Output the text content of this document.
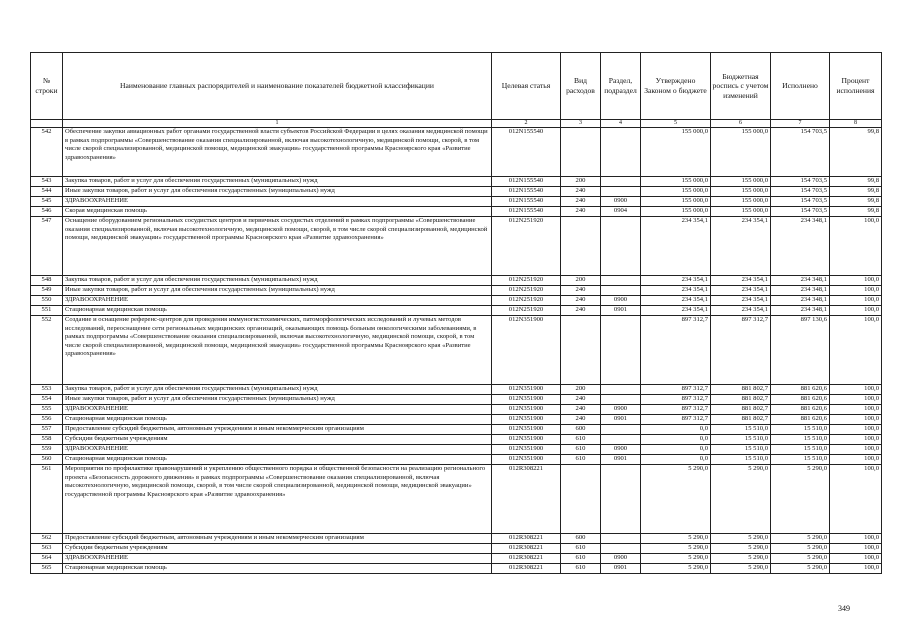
№ строки	Наименование главных распорядителей и наименование показателей бюджетной классификации	Целевая статья	Вид расходов	Раздел, подраздел	Утверждено Законом о бюджете	Бюджетная роспись с учетом изменений	Исполнено	Процент исполнения
	1	2	3	4	5	6	7	8
542	Обеспечение закупки авиационных работ органами государственной власти субъектов Российской Федерации в целях оказания медицинской помощи в рамках подпрограммы «Совершенствование оказания специализированной, включая высокотехнологичную, медицинской помощи, скорой, в том числе скорой специализированной, медицинской помощи, медицинской эвакуации» государственной программы Красноярского края «Развитие здравоохранения»	012N155540			155 000,0	155 000,0	154 703,5	99,8
543	Закупка товаров, работ и услуг для обеспечения государственных (муниципальных) нужд	012N155540	200		155 000,0	155 000,0	154 703,5	99,8
544	Иные закупки товаров, работ и услуг для обеспечения государственных (муниципальных) нужд	012N155540	240		155 000,0	155 000,0	154 703,5	99,8
545	ЗДРАВООХРАНЕНИЕ	012N155540	240	0900	155 000,0	155 000,0	154 703,5	99,8
546	Скорая медицинская помощь	012N155540	240	0904	155 000,0	155 000,0	154 703,5	99,8
547	Оснащение оборудованием региональных сосудистых центров и первичных сосудистых отделений в рамках подпрограммы «Совершенствование оказания специализированной, включая высокотехнологичную, медицинской помощи, скорой, в том числе скорой специализированной, медицинской помощи, медицинской эвакуации» государственной программы Красноярского края «Развитие здравоохранения»	012N251920			234 354,1	234 354,1	234 348,1	100,0
548	Закупка товаров, работ и услуг для обеспечения государственных (муниципальных) нужд	012N251920	200		234 354,1	234 354,1	234 348,1	100,0
549	Иные закупки товаров, работ и услуг для обеспечения государственных (муниципальных) нужд	012N251920	240		234 354,1	234 354,1	234 348,1	100,0
550	ЗДРАВООХРАНЕНИЕ	012N251920	240	0900	234 354,1	234 354,1	234 348,1	100,0
551	Стационарная медицинская помощь	012N251920	240	0901	234 354,1	234 354,1	234 348,1	100,0
552	Создание и оснащение референс-центров для проведения иммуногистохимических, патоморфологических исследований и лучевых методов исследований, переоснащение сети региональных медицинских организаций, оказывающих помощь больным онкологическими заболеваниями, в рамках подпрограммы «Совершенствование оказания специализированной, включая высокотехнологичную, медицинской помощи, скорой, в том числе скорой специализированной, медицинской помощи, медицинской эвакуации» государственной программы Красноярского края «Развитие здравоохранения»	012N351900			897 312,7	897 312,7	897 130,6	100,0
553	Закупка товаров, работ и услуг для обеспечения государственных (муниципальных) нужд	012N351900	200		897 312,7	881 802,7	881 620,6	100,0
554	Иные закупки товаров, работ и услуг для обеспечения государственных (муниципальных) нужд	012N351900	240		897 312,7	881 802,7	881 620,6	100,0
555	ЗДРАВООХРАНЕНИЕ	012N351900	240	0900	897 312,7	881 802,7	881 620,6	100,0
556	Стационарная медицинская помощь	012N351900	240	0901	897 312,7	881 802,7	881 620,6	100,0
557	Предоставление субсидий бюджетным, автономным учреждениям и иным некоммерческим организациям	012N351900	600		0,0	15 510,0	15 510,0	100,0
558	Субсидии бюджетным учреждениям	012N351900	610		0,0	15 510,0	15 510,0	100,0
559	ЗДРАВООХРАНЕНИЕ	012N351900	610	0900	0,0	15 510,0	15 510,0	100,0
560	Стационарная медицинская помощь	012N351900	610	0901	0,0	15 510,0	15 510,0	100,0
561	Мероприятия по профилактике правонарушений и укреплению общественного порядка и общественной безопасности на реализацию регионального проекта «Безопасность дорожного движения» в рамках подпрограммы «Совершенствование оказания специализированной, включая высокотехнологичную, медицинской помощи, скорой, в том числе скорой специализированной, медицинской помощи, медицинской эвакуации» государственной программы Красноярского края «Развитие здравоохранения»	012R308221			5 290,0	5 290,0	5 290,0	100,0
562	Предоставление субсидий бюджетным, автономным учреждениям и иным некоммерческим организациям	012R308221	600		5 290,0	5 290,0	5 290,0	100,0
563	Субсидии бюджетным учреждениям	012R308221	610		5 290,0	5 290,0	5 290,0	100,0
564	ЗДРАВООХРАНЕНИЕ	012R308221	610	0900	5 290,0	5 290,0	5 290,0	100,0
565	Стационарная медицинская помощь	012R308221	610	0901	5 290,0	5 290,0	5 290,0	100,0
349
